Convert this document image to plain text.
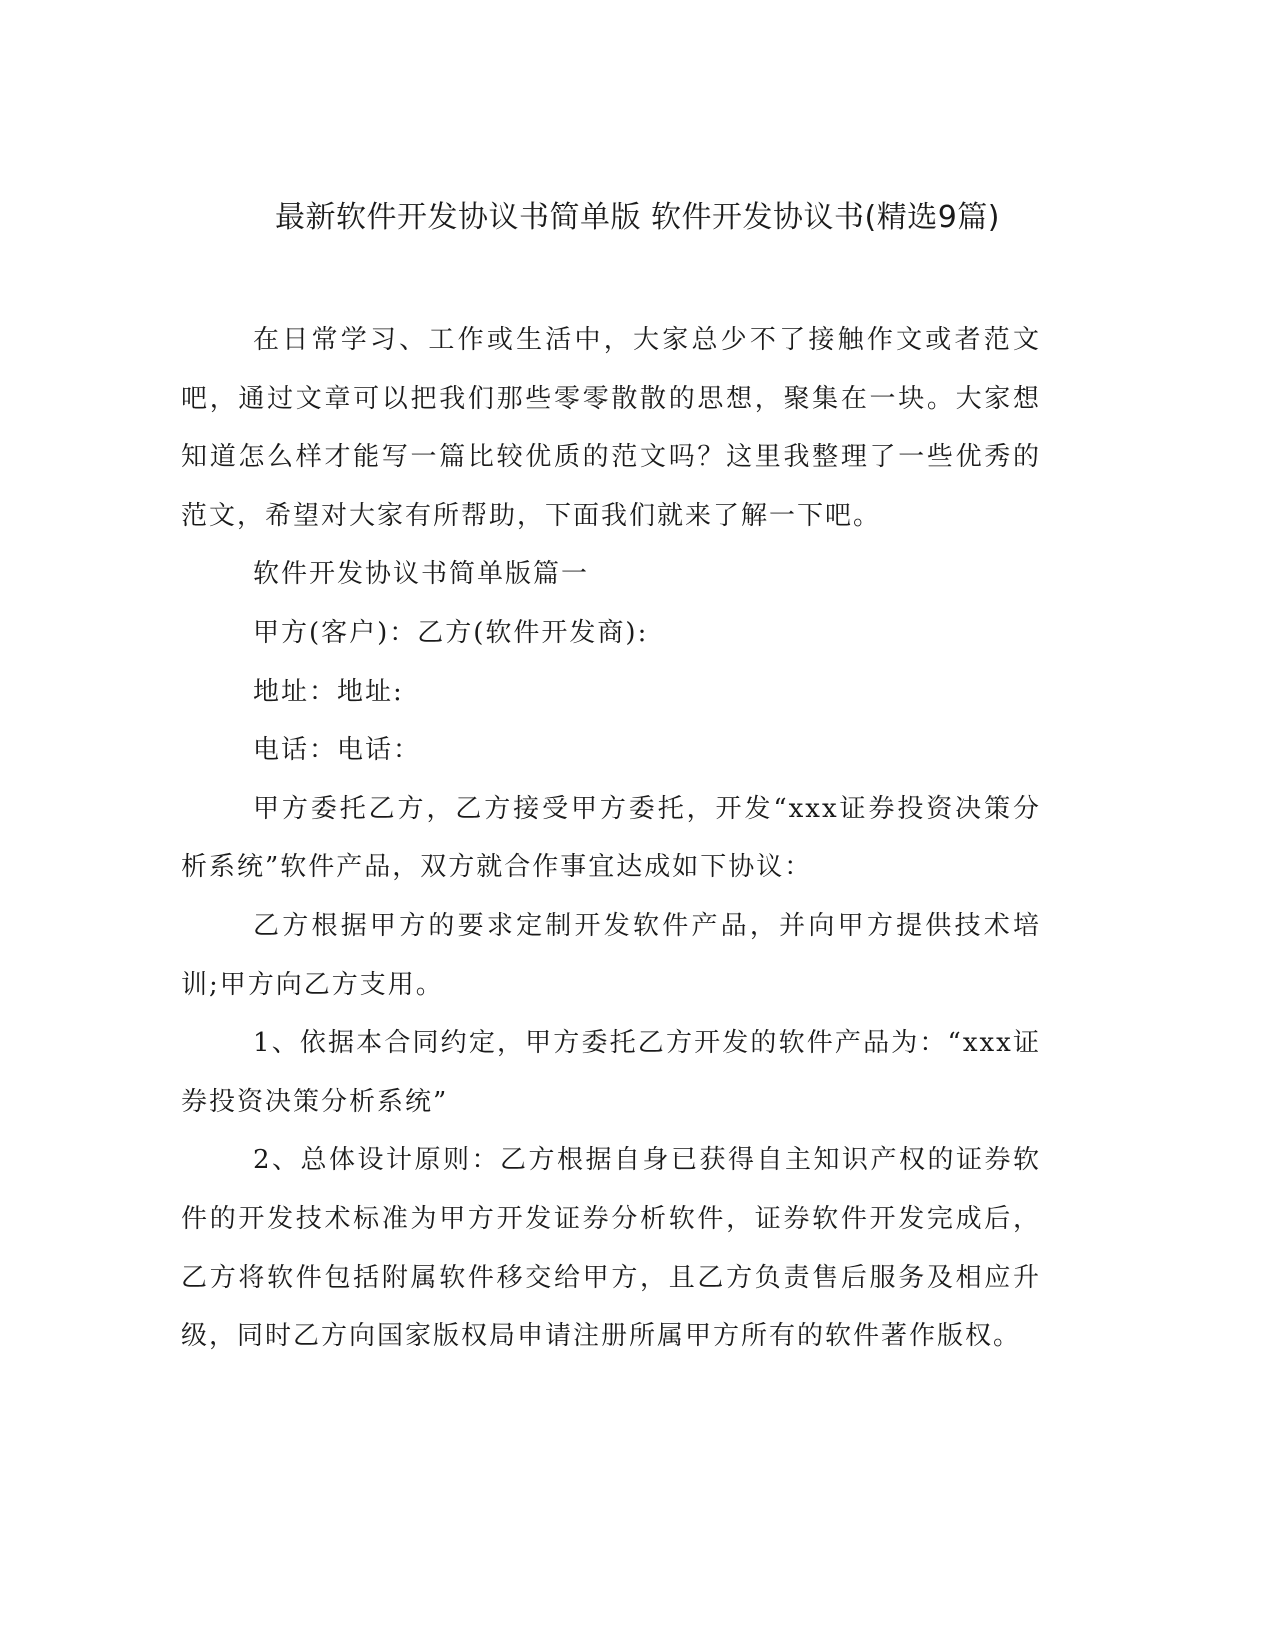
最新软件开发协议书简单版 软件开发协议书(精选9篇)

在日常学习、工作或生活中，大家总少不了接触作文或者范文吧，通过文章可以把我们那些零零散散的思想，聚集在一块。大家想知道怎么样才能写一篇比较优质的范文吗？这里我整理了一些优秀的范文，希望对大家有所帮助，下面我们就来了解一下吧。

软件开发协议书简单版篇一

甲方(客户)：乙方(软件开发商):

地址：地址:

电话：电话：

甲方委托乙方，乙方接受甲方委托，开发“xxx证券投资决策分析系统”软件产品，双方就合作事宜达成如下协议：

乙方根据甲方的要求定制开发软件产品，并向甲方提供技术培训;甲方向乙方支用。

1、依据本合同约定，甲方委托乙方开发的软件产品为：“xxx证券投资决策分析系统”

2、总体设计原则：乙方根据自身已获得自主知识产权的证券软件的开发技术标准为甲方开发证券分析软件，证券软件开发完成后，乙方将软件包括附属软件移交给甲方，且乙方负责售后服务及相应升级，同时乙方向国家版权局申请注册所属甲方所有的软件著作版权。
